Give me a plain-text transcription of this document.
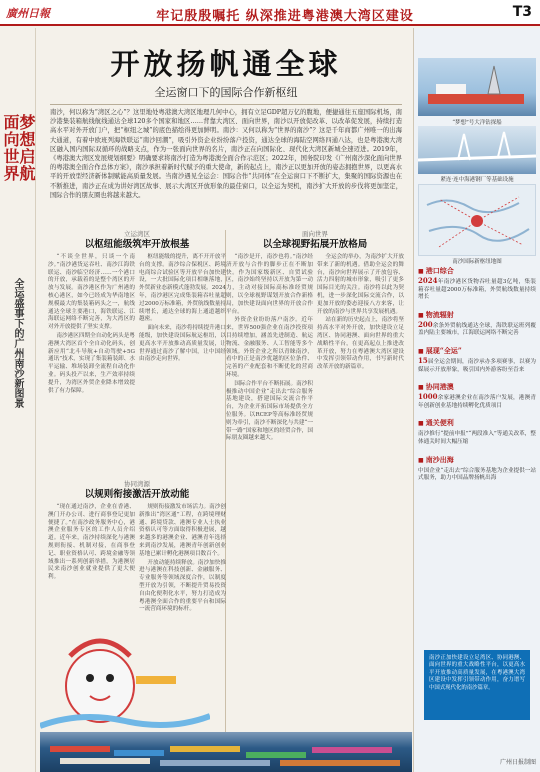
廣州日報	牢记殷殷嘱托 纵深推进粤港澳大湾区建设	T3
面向世界
梦想启航
全运盛事下的广州南沙新图景
开放扬帆通全球
全运窗口下的国际合作新枢纽
南沙，何以称为“湾区之心”？这里地处粤港澳大湾区地理几何中心，拥有立足GDP超万亿的腹地，便捷通往五座国际机场，南沙港集装箱航线航线通达全球120多个国家和地区……背靠大湾区、面向世界，南沙以开放促改革、以改革促发展，持续打造高水平对外开放门户，把“枢纽之城”的底色描绘得更加鲜明。南沙：又何以称为“世界的南沙”？这是千年商都广州唯一的出海大通道，有着中欧班列海铁联运“南沙回潮”，吸引外资企业纷纷落户投资，通达全球的海陆空网络四通八达，也是粤港澳大湾区融入国内国际双循环的战略支点，作为一张面向世界的名片，南沙正在向国际化、现代化大湾区新城全速迈进。2019年，《粤港澳大湾区发展规划纲要》明确要求将南沙打造为粤港澳全面合作示范区；2022年，国务院印发《广州南沙深化面向世界的粤港澳全面合作总体方案》，南沙承担着新时代赋予的重大使命，新的起点上，南沙正以更加开放的姿态拥抱世界，以更高水平的开放型经济新体制赋能高质量发展。当南沙遇见全运会：国际合作“共同体”在全运窗口下不断扩大，集聚的国际资源也在不断推进，南沙正在成为讲好湾区故事、展示大湾区开放形象的最佳窗口，以全运为契机，南沙扩大开放的步伐将更加坚定，国际合作的朋友圈也将越来越大。
立运湾区
以枢纽能级筑牢开放根基

“不谈全世界，只谈一个南沙。”南沙港货运吞吐、南沙江海铁联运、南沙临空经济……一个港口的开放，承载着的是整个湾区的开放与发展。南沙港区作为广州港的核心港区，如今已经成为华南地区规模最大的集装箱码头之一，航线通达全球主要港口，海铁联运、江海联运网络不断完善，为大湾区的对外开放提供了坚实支撑。

南沙港区四期全自动化码头是粤港澳大湾区首个全自动化码头，创新应用“北斗导航+自动驾驶+5G通讯”技术，实现了集装箱装卸、水平运输、堆场装卸全流程自动化作业。码头投产以来，生产效率持续提升，为湾区外贸企业降本增效提供了有力保障。

枢纽能级的提升，离不开开放平台的支撑。南沙综合保税区、跨境电商综合试验区等开放平台加快建设，一大批国际化项目相继落地，外贸新业态新模式蓬勃发展。2024年，南沙港区完成集装箱吞吐量超过2000万标准箱，外贸航线数量持续增长，通达全球的海上通道越织越密。

面向未来，南沙将持续提升港口能级，加快建设国际航运枢纽，以更高水平开放推动高质量发展，让世界通过南沙了解中国，让中国经由南沙走向世界。

协同湾源
以规则衔接激活开放动能

“现在通过南沙，企业在香港、澳门开办公司、进行商事登记更加便捷了。”在南沙政务服务中心，港澳企业服务专区的工作人员介绍道。近年来，南沙持续深化与港澳规则衔接、机制对接，在商事登记、职业资格认可、跨境金融等领域推出一系列创新举措，为港澳居民来南沙创业就业提供了更大便利。

规则衔接激发市场活力。南沙创新推出“湾区通”工程，在跨境理财通、跨境贷款、港澳专业人士执业资格认可等方面取得积极进展，越来越多的港澳企业、港澳青年选择来到南沙发展，港澳青年创新创业基地已累计孵化港澳项目数百个。

开放动能持续释放。南沙加快推进与港澳在科技创新、金融服务、专业服务等领域深度合作，以制度型开放为引领，不断提升贸易投资自由化便利化水平，努力打造成为粤港澳全面合作的重要平台和国际一流营商环境的标杆。

面向世界
以全球视野拓展开放格局

“南沙是开，南沙也将。”南沙经济开放与合作的脚步正在不断加快。作为国家级新区、自贸试验区，南沙始终坚持以开放为第一动力，主动对接国际高标准经贸规则，以全球视野谋划开放合作新格局，加快建设面向世界的开放合作平台。

外资企业纷纷落户南沙。近年来，世界500强企业在南沙投资项目持续增加，涵盖先进制造、航运物流、金融服务、人工智能等多个领域。外资企业之所以青睐南沙，看中的正是南沙优越的区位条件、完善的产业配套和不断优化的营商环境。

国际合作平台不断拓展。南沙积极推动中国企业“走出去”综合服务基地建设，搭建国际交流合作平台，为企业开拓国际市场提供全方位服务。以RCEP等高标准经贸规则为牵引，南沙不断深化与共建“一带一路”国家和地区的经贸合作，国际朋友圈越来越大。

全运会的举办，为南沙扩大开放带来了新的机遇。借助全运会的舞台，南沙向世界展示了开放包容、活力四射的城市形象，吸引了更多国际目光的关注。南沙将以此为契机，进一步深化国际交流合作，以更加开放的姿态迎接八方来客，让开放的南沙与世界共享发展机遇。

站在新的历史起点上，南沙将坚持高水平对外开放，加快建设立足湾区、协同港澳、面向世界的重大战略性平台，在更高起点上推进改革开放，努力在粤港澳大湾区建设中发挥引领带动作用，书写新时代改革开放的新篇章。

“梦想”号大洋钻探船
紧连·连中海港钢厂等基础设施
南沙国际新枢纽地图
■ 港口综合
2024年南沙港区货物吞吐量超3亿吨，集装箱吞吐量超2000万标准箱，外贸航线数量持续增长
■ 物流辐射
200余条外贸航线通达全球，海铁联运班列覆盖内陆主要城市，江海联运网络不断完善
■ 展现“全运”
15届全运会期间，南沙承办多项赛事，以赛为媒展示开放形象，吸引国内外游客纷至沓来
■ 协同港澳
1000余家港澳企业在南沙落户发展，港澳青年创新创业基地持续孵化优质项目
■ 通关便利
南沙推行“提前申报”“两段准入”等通关改革，整体通关时间大幅压缩
■ 南沙出海
中国企业“走出去”综合服务基地为企业提供一站式服务，助力中国品牌扬帆出海
南沙正加快建设立足湾区、协同港澳、面向世界的重大战略性平台，以更高水平开放推动高质量发展，在粤港澳大湾区建设中发挥引领带动作用，奋力谱写中国式现代化的南沙篇章。
广州日报制图
